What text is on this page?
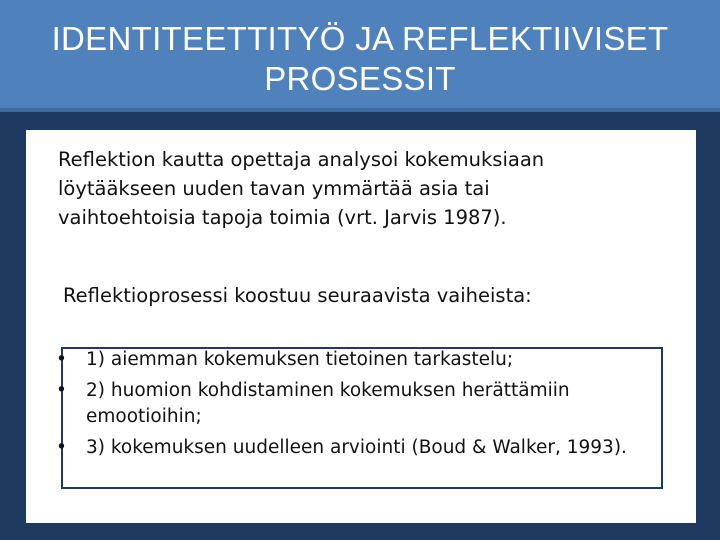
IDENTITEETTITYÖ JA REFLEKTIIVISET
PROSESSIT

Reflektion kautta opettaja analysoi kokemuksiaan
löytääkseen uuden tavan ymmärtää asia tai
vaihtoehtoisia tapoja toimia (vrt. Jarvis 1987).

Reflektioprosessi koostuu seuraavista vaiheista:

• 1) aiemman kokemuksen tietoinen tarkastelu;
• 2) huomion kohdistaminen kokemuksen herättämiin emootioihin;
• 3) kokemuksen uudelleen arviointi (Boud & Walker, 1993).
